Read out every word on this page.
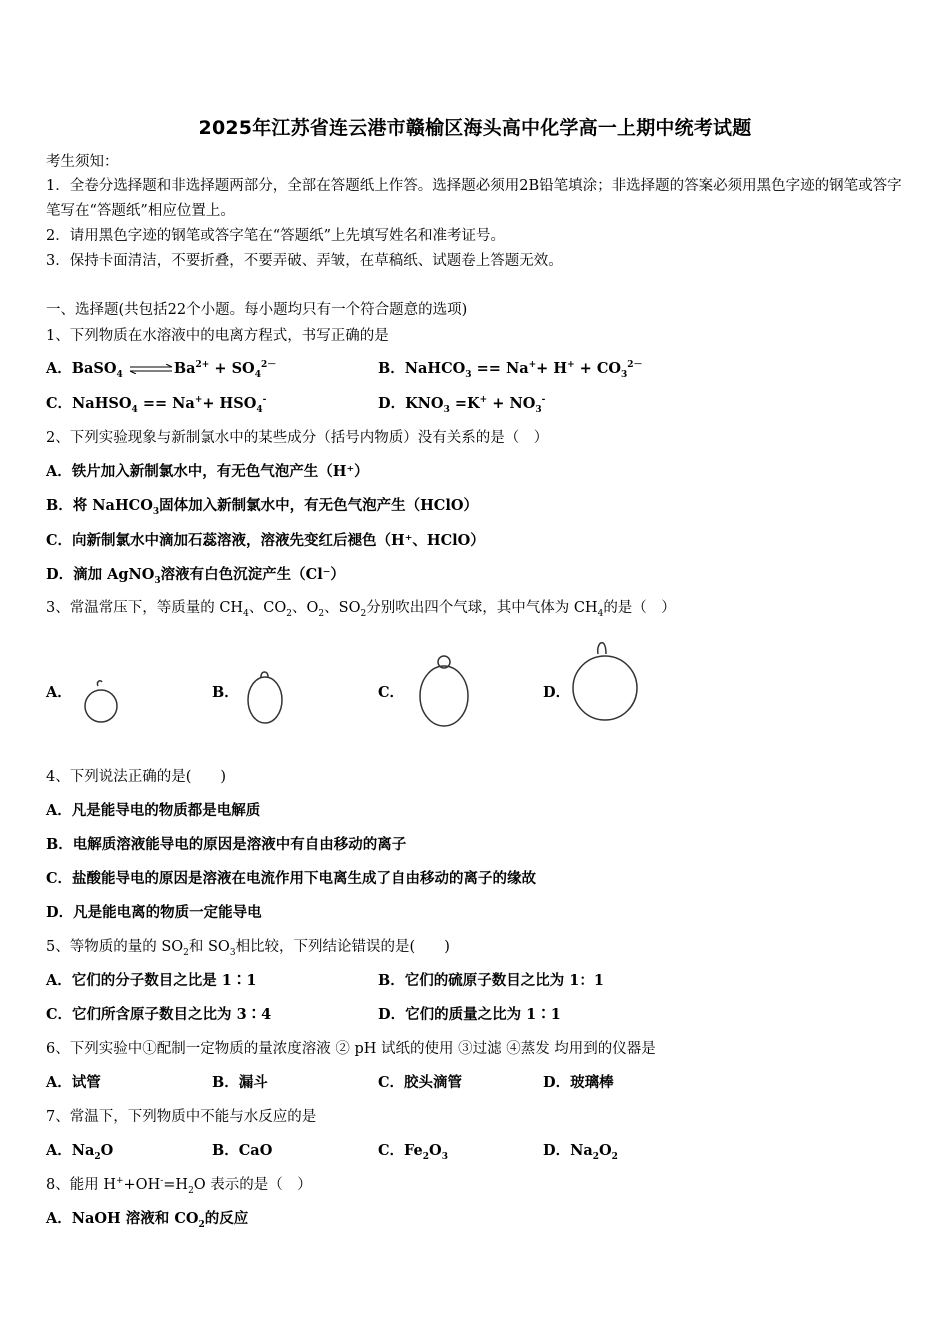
2025年江苏省连云港市赣榆区海头高中化学高一上期中统考试题
考生须知：
1．全卷分选择题和非选择题两部分，全部在答题纸上作答。选择题必须用2B铅笔填涂；非选择题的答案必须用黑色字迹的钢笔或答字笔写在“答题纸”相应位置上。
2．请用黑色字迹的钢笔或答字笔在“答题纸”上先填写姓名和准考证号。
3．保持卡面清洁，不要折叠，不要弄破、弄皱，在草稿纸、试题卷上答题无效。
一、选择题(共包括22个小题。每小题均只有一个符合题意的选项)
1、下列物质在水溶液中的电离方程式，书写正确的是
A．BaSO$_4$ $\rightleftharpoons Ba^{2+} + SO_4^{2-}$	B．NaHCO$_3$ == $Na^++ H^+ + CO_3^{2-}$
C．NaHSO$_4$ == $Na^++ HSO_4^-$	D．$KNO_3 =K^+ + NO_3^-$
2、下列实验现象与新制氯水中的某些成分（括号内物质）没有关系的是（　）
A．铁片加入新制氯水中，有无色气泡产生（H⁺）
B．将 NaHCO$_3$固体加入新制氯水中，有无色气泡产生（HClO）
C．向新制氯水中滴加石蕊溶液，溶液先变红后褪色（H⁺、HClO）
D．滴加 AgNO$_3$溶液有白色沉淀产生（Cl⁻）
3、常温常压下，等质量的 $CH_4$、$CO_2$、$O_2$、$SO_2$分别吹出四个气球，其中气体为 $CH_4$的是（　）
A．	B．	C．	D．
4、下列说法正确的是(　　)
A．凡是能导电的物质都是电解质
B．电解质溶液能导电的原因是溶液中有自由移动的离子
C．盐酸能导电的原因是溶液在电流作用下电离生成了自由移动的离子的缘故
D．凡是能电离的物质一定能导电
5、等物质的量的 $SO_2$和 $SO_3$相比较，下列结论错误的是(　　)
A．它们的分子数目之比是 1∶1	B．它们的硫原子数目之比为 1：1
C．它们所含原子数目之比为 3∶4	D．它们的质量之比为 1∶1
6、下列实验中①配制一定物质的量浓度溶液 ② pH 试纸的使用 ③过滤 ④蒸发 均用到的仪器是
A．试管	B．漏斗	C．胶头滴管	D．玻璃棒
7、常温下，下列物质中不能与水反应的是
A．$Na_2O$	B．CaO	C．$Fe_2O_3$	D．$Na_2O_2$
8、能用 $H^++OH^-=H_2O$ 表示的是（　）
A．NaOH 溶液和 $CO_2$的反应
